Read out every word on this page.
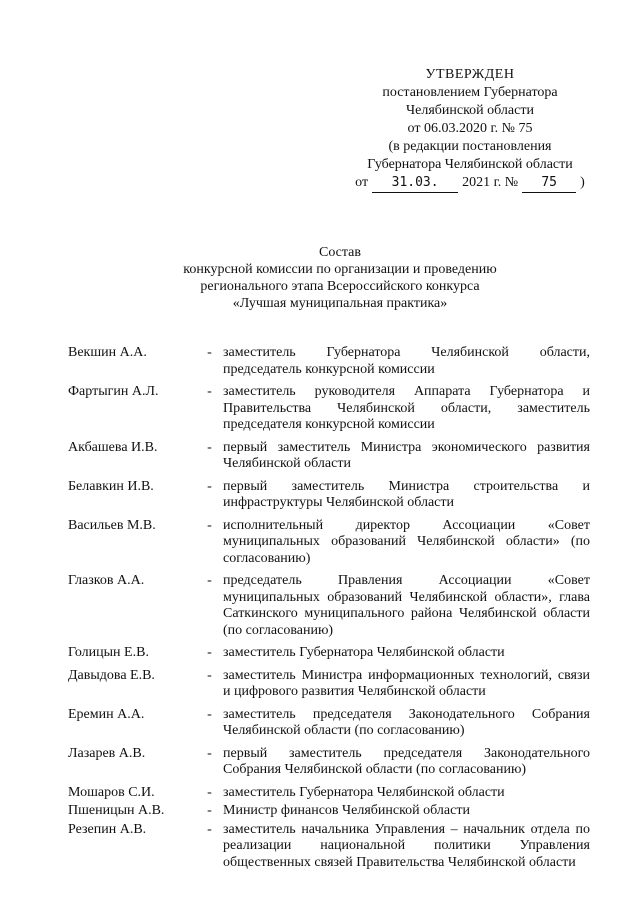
УТВЕРЖДЕН
постановлением Губернатора
Челябинской области
от 06.03.2020 г. № 75
(в редакции постановления
Губернатора Челябинской области
от	31.03.	2021 г. №	75	)
Состав
конкурсной комиссии по организации и проведению
регионального этапа Всероссийского конкурса
«Лучшая муниципальная практика»
Векшин А.А.	- заместитель Губернатора Челябинской области, председатель конкурсной комиссии
Фартыгин А.Л.	- заместитель руководителя Аппарата Губернатора и Правительства Челябинской области, заместитель председателя конкурсной комиссии
Акбашева И.В.	- первый заместитель Министра экономического развития Челябинской области
Белавкин И.В.	- первый заместитель Министра строительства и инфраструктуры Челябинской области
Васильев М.В.	- исполнительный директор Ассоциации «Совет муниципальных образований Челябинской области» (по согласованию)
Глазков А.А.	- председатель Правления Ассоциации «Совет муниципальных образований Челябинской области», глава Саткинского муниципального района Челябинской области (по согласованию)
Голицын Е.В.	- заместитель Губернатора Челябинской области
Давыдова Е.В.	- заместитель Министра информационных технологий, связи и цифрового развития Челябинской области
Еремин А.А.	- заместитель председателя Законодательного Собрания Челябинской области (по согласованию)
Лазарев А.В.	- первый заместитель председателя Законодательного Собрания Челябинской области (по согласованию)
Мошаров С.И.	- заместитель Губернатора Челябинской области
Пшеницын А.В.	- Министр финансов Челябинской области
Резепин А.В.	- заместитель начальника Управления – начальник отдела по реализации национальной политики Управления общественных связей Правительства Челябинской области
